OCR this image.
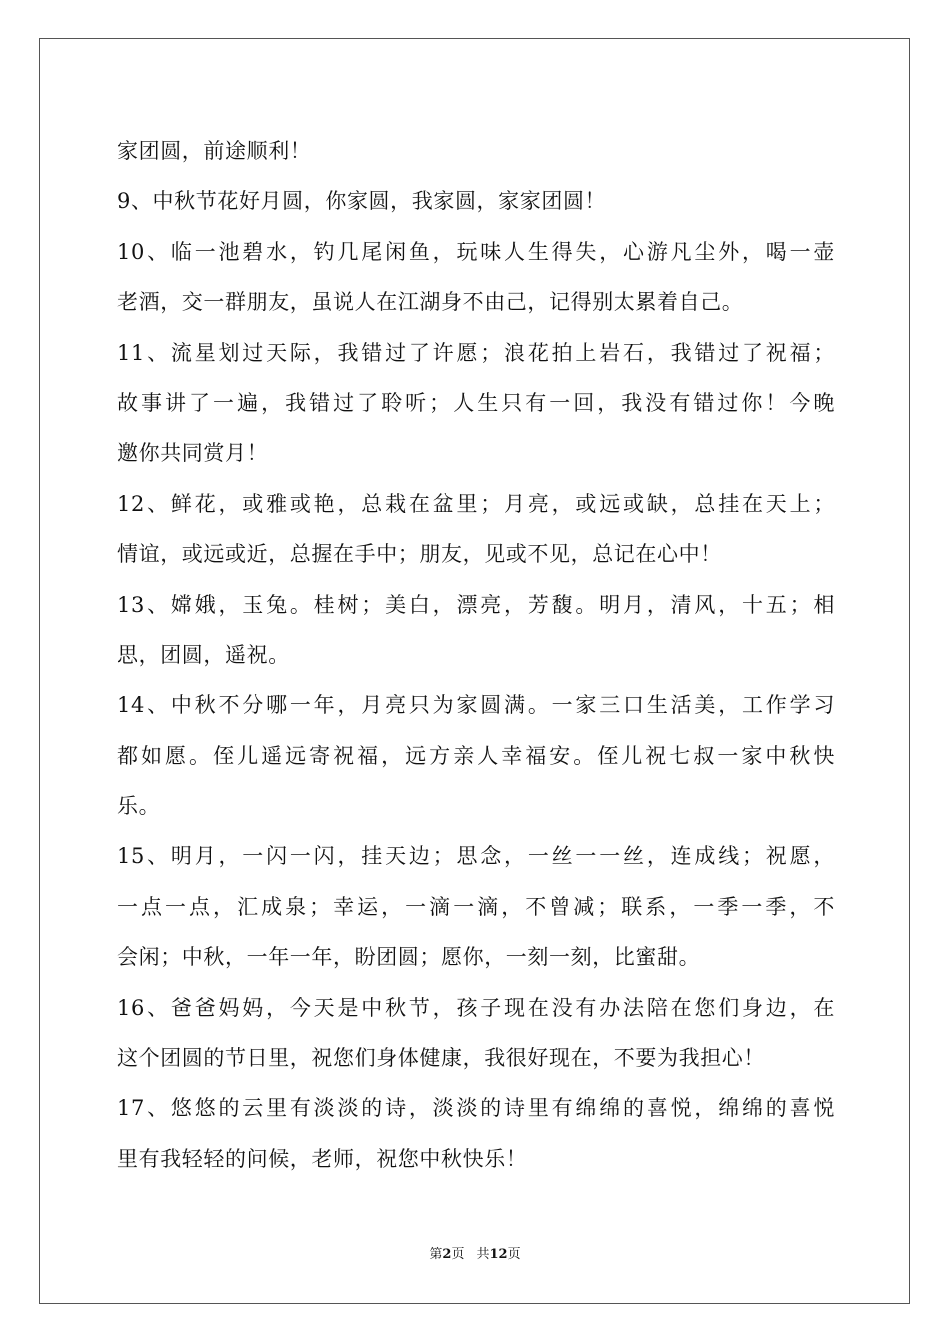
家团圆，前途顺利！
9、中秋节花好月圆，你家圆，我家圆，家家团圆！
10、临一池碧水，钓几尾闲鱼，玩味人生得失，心游凡尘外，喝一壶
老酒，交一群朋友，虽说人在江湖身不由己，记得别太累着自己。
11、流星划过天际，我错过了许愿；浪花拍上岩石，我错过了祝福；
故事讲了一遍，我错过了聆听；人生只有一回，我没有错过你！今晚
邀你共同赏月！
12、鲜花，或雅或艳，总栽在盆里；月亮，或远或缺，总挂在天上；
情谊，或远或近，总握在手中；朋友，见或不见，总记在心中！
13、嫦娥，玉兔。桂树；美白，漂亮，芳馥。明月，清风，十五；相
思，团圆，遥祝。
14、中秋不分哪一年，月亮只为家圆满。一家三口生活美，工作学习
都如愿。侄儿遥远寄祝福，远方亲人幸福安。侄儿祝七叔一家中秋快
乐。
15、明月，一闪一闪，挂天边；思念，一丝一一丝，连成线；祝愿，
一点一点，汇成泉；幸运，一滴一滴，不曾减；联系，一季一季，不
会闲；中秋，一年一年，盼团圆；愿你，一刻一刻，比蜜甜。
16、爸爸妈妈，今天是中秋节，孩子现在没有办法陪在您们身边，在
这个团圆的节日里，祝您们身体健康，我很好现在，不要为我担心！
17、悠悠的云里有淡淡的诗，淡淡的诗里有绵绵的喜悦，绵绵的喜悦
里有我轻轻的问候，老师，祝您中秋快乐！
第2页 共12页
